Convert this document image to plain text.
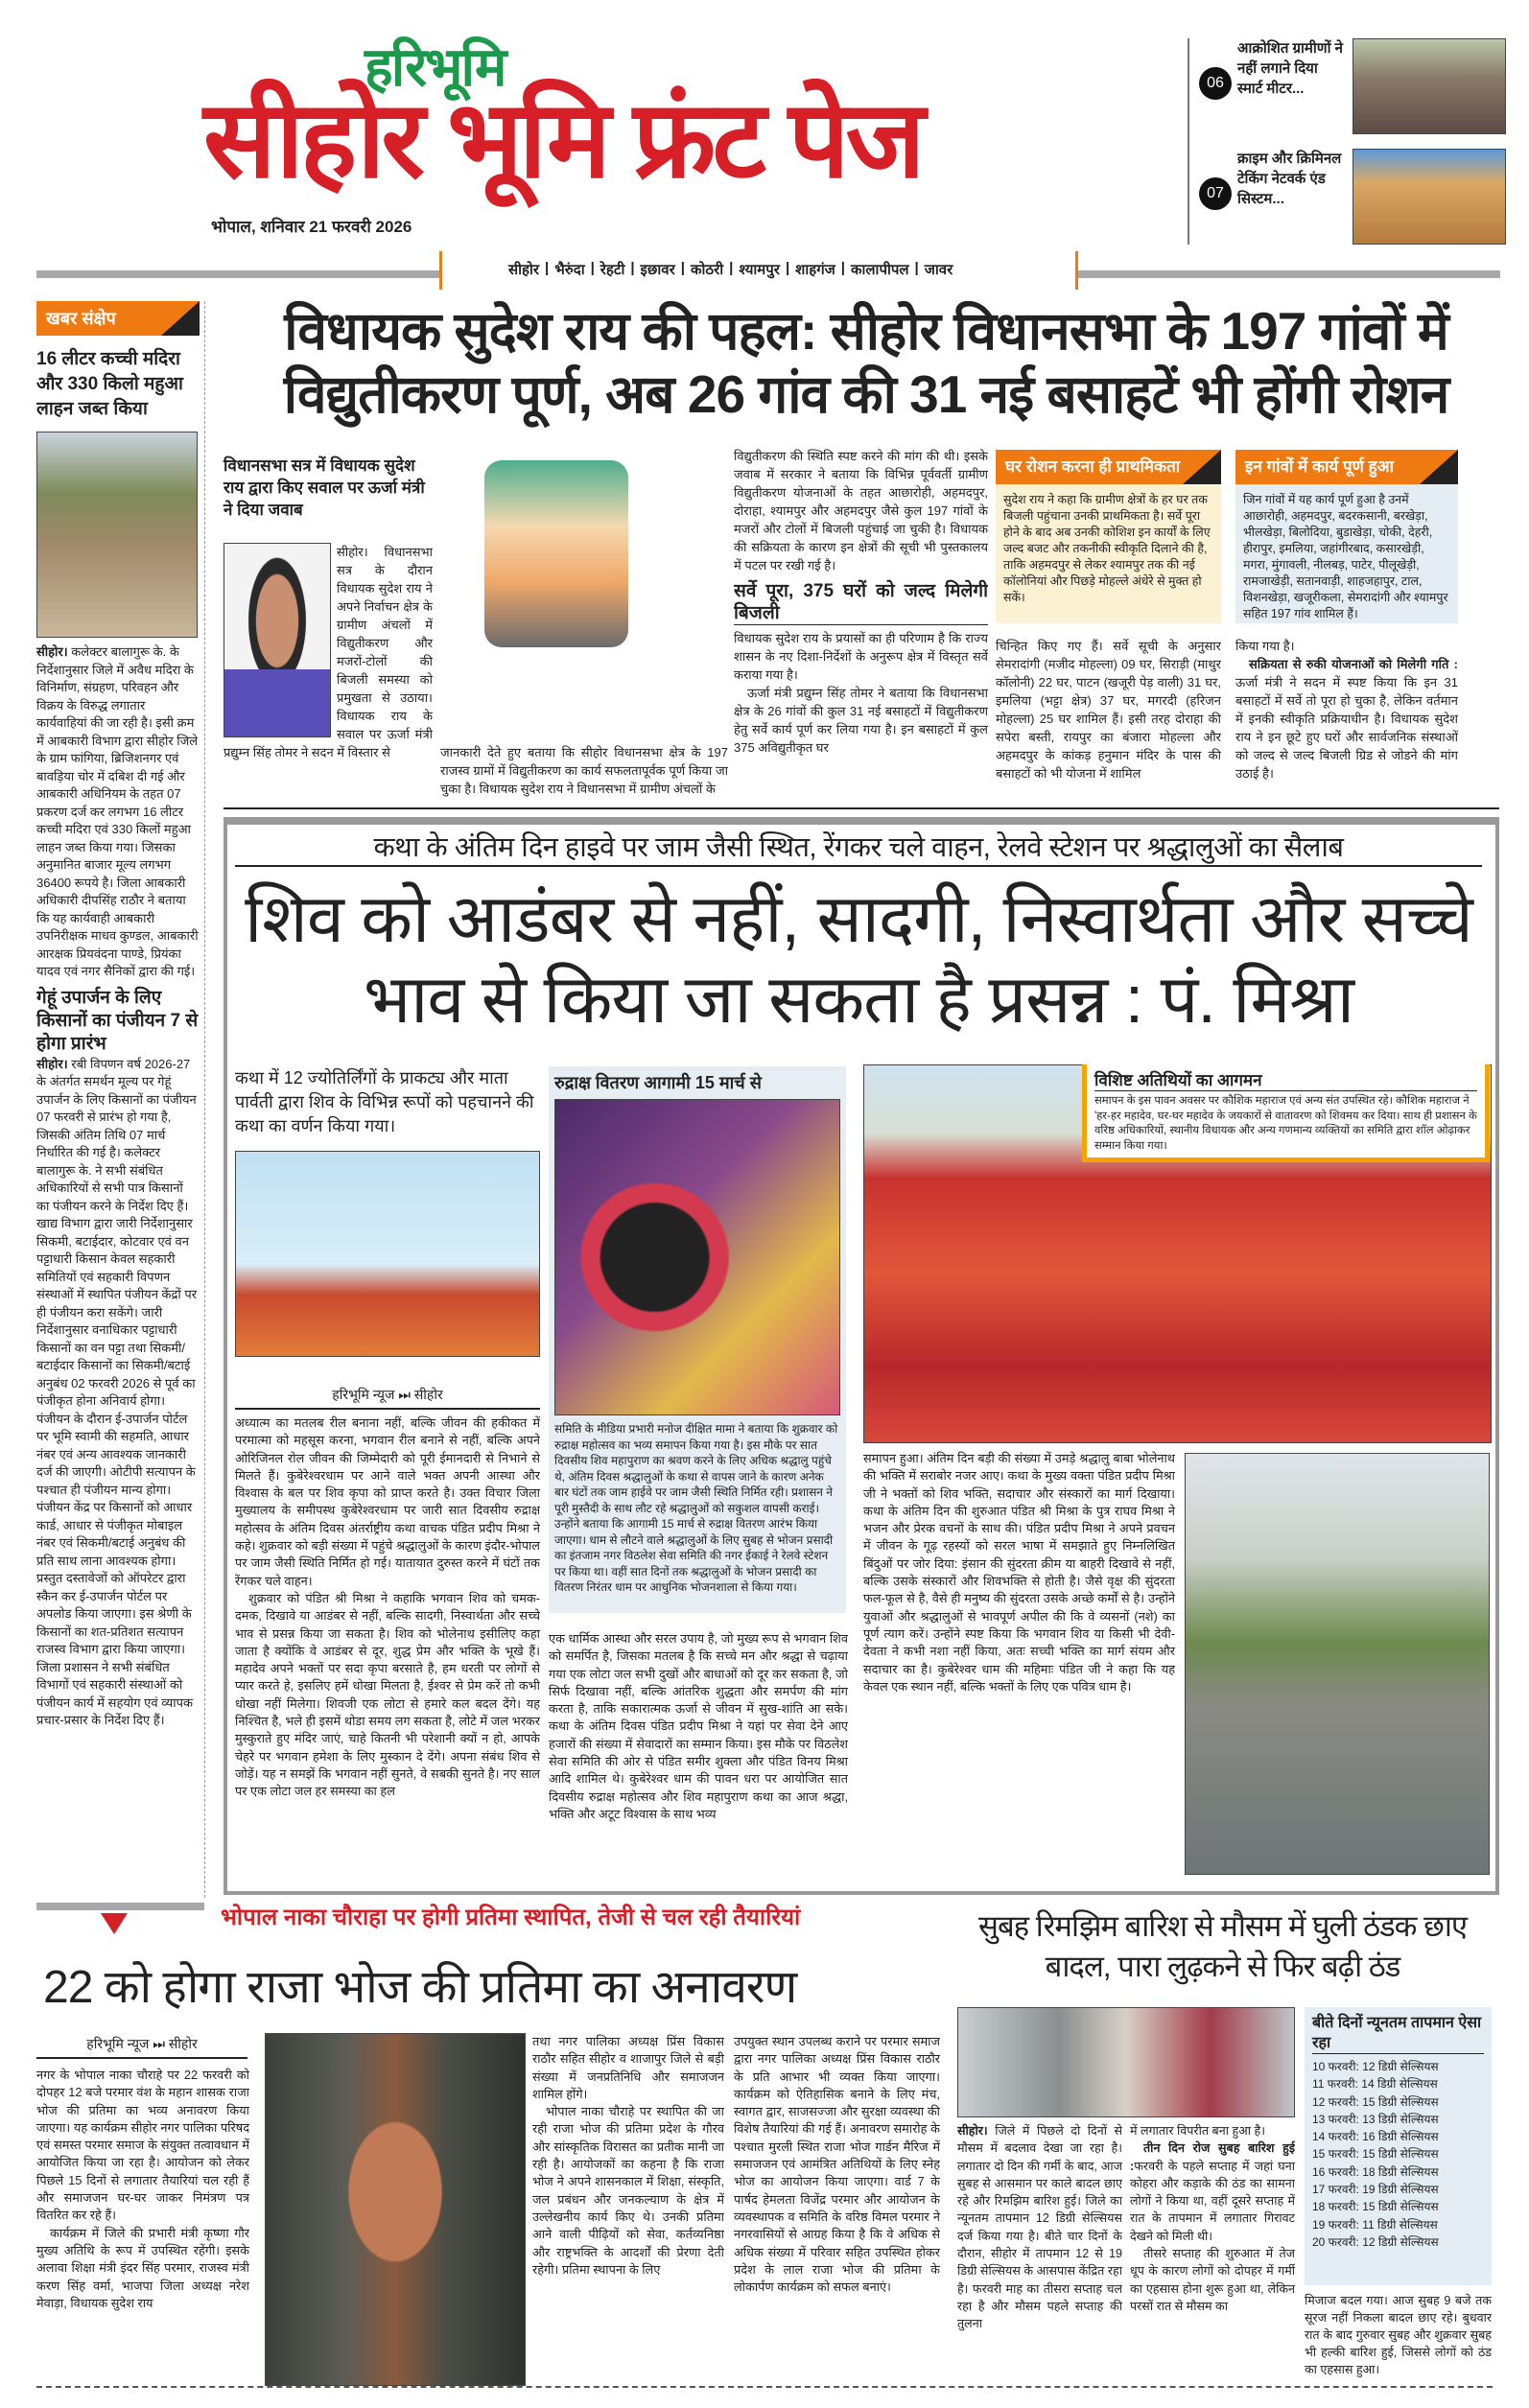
हरिभूमि
सीहोर भूमि फ्रंट पेज
भोपाल, शनिवार 21 फरवरी 2026
06
आक्रोशित ग्रामीणों ने नहीं लगाने दिया स्मार्ट मीटर...
07
क्राइम और क्रिमिनल टेकिंग नेटवर्क एंड सिस्टम...
सीहोर | भैरुंदा | रेहटी | इछावर | कोठरी | श्यामपुर | शाहगंज | कालापीपल | जावर
खबर संक्षेप
16 लीटर कच्ची मदिरा और 330 किलो महुआ लाहन जब्त किया
सीहोर। कलेक्टर बालागुरू के. के निर्देशानुसार जिले में अवैध मदिरा के विनिर्माण, संग्रहण, परिवहन और विक्रय के विरुद्ध लगातार कार्यवाहियां की जा रही है। इसी क्रम में आबकारी विभाग द्वारा सीहोर जिले के ग्राम फांगिया, ब्रिजिशनगर एवं बावड़िया चोर में दबिश दी गई और आबकारी अधिनियम के तहत 07 प्रकरण दर्ज कर लगभग 16 लीटर कच्ची मदिरा एवं 330 किलों महुआ लाहन जब्त किया गया। जिसका अनुमानित बाजार मूल्य लगभग 36400 रूपये है। जिला आबकारी अधिकारी दीपसिंह राठौर ने बताया कि यह कार्यवाही आबकारी उपनिरीक्षक माधव कुण्डल, आबकारी आरक्षक प्रियवंदना पाण्डे, प्रियंका यादव एवं नगर सैनिकों द्वारा की गई।
गेहूं उपार्जन के लिए किसानों का पंजीयन 7 से होगा प्रारंभ
सीहोर। रबी विपणन वर्ष 2026-27 के अंतर्गत समर्थन मूल्य पर गेहूं उपार्जन के लिए किसानों का पंजीयन 07 फरवरी से प्रारंभ हो गया है, जिसकी अंतिम तिथि 07 मार्च निर्धारित की गई है। कलेक्टर बालागुरू के. ने सभी संबंधित अधिकारियों से सभी पात्र किसानों का पंजीयन करने के निर्देश दिए हैं। खाद्य विभाग द्वारा जारी निर्देशानुसार सिकमी, बटाईदार, कोटवार एवं वन पट्टाधारी किसान केवल सहकारी समितियों एवं सहकारी विपणन संस्थाओं में स्थापित पंजीयन केंद्रों पर ही पंजीयन करा सकेंगे। जारी निर्देशानुसार वनाधिकार पट्टाधारी किसानों का वन पट्टा तथा सिकमी/बटाईदार किसानों का सिकमी/बटाई अनुबंध 02 फरवरी 2026 से पूर्व का पंजीकृत होना अनिवार्य होगा। पंजीयन के दौरान ई-उपार्जन पोर्टल पर भूमि स्वामी की सहमति, आधार नंबर एवं अन्य आवश्यक जानकारी दर्ज की जाएगी। ओटीपी सत्यापन के पश्चात ही पंजीयन मान्य होगा। पंजीयन केंद्र पर किसानों को आधार कार्ड, आधार से पंजीकृत मोबाइल नंबर एवं सिकमी/बटाई अनुबंध की प्रति साथ लाना आवश्यक होगा। प्रस्तुत दस्तावेजों को ऑपरेटर द्वारा स्कैन कर ई-उपार्जन पोर्टल पर अपलोड किया जाएगा। इस श्रेणी के किसानों का शत-प्रतिशत सत्यापन राजस्व विभाग द्वारा किया जाएगा। जिला प्रशासन ने सभी संबंधित विभागों एवं सहकारी संस्थाओं को पंजीयन कार्य में सहयोग एवं व्यापक प्रचार-प्रसार के निर्देश दिए हैं।
विधायक सुदेश राय की पहल: सीहोर विधानसभा के 197 गांवों में विद्युतीकरण पूर्ण, अब 26 गांव की 31 नई बसाहटें भी होंगी रोशन
विधानसभा सत्र में विधायक सुदेश राय द्वारा किए सवाल पर ऊर्जा मंत्री ने दिया जवाब
सीहोर। विधानसभा सत्र के दौरान विधायक सुदेश राय ने अपने निर्वाचन क्षेत्र के ग्रामीण अंचलों में विद्युतीकरण और मजरों-टोलों की बिजली समस्या को प्रमुखता से उठाया। विधायक राय के सवाल पर ऊर्जा मंत्री प्रद्युम्न सिंह तोमर ने सदन में विस्तार से	जानकारी देते हुए बताया कि सीहोर विधानसभा क्षेत्र के 197 राजस्व ग्रामों में विद्युतीकरण का कार्य सफलतापूर्वक पूर्ण किया जा चुका है। विधायक सुदेश राय ने विधानसभा में ग्रामीण अंचलों के

विद्युतीकरण की स्थिति स्पष्ट करने की मांग की थी। इसके जवाब में सरकार ने बताया कि विभिन्न पूर्ववर्ती ग्रामीण विद्युतीकरण योजनाओं के तहत आछारोही, अहमदपुर, दोराहा, श्यामपुर और अहमदपुर जैसे कुल 197 गांवों के मजरों और टोलों में बिजली पहुंचाई जा चुकी है। विधायक की सक्रियता के कारण इन क्षेत्रों की सूची भी पुस्तकालय में पटल पर रखी गई है।

सर्वे पूरा, 375 घरों को जल्द मिलेगी बिजली

विधायक सुदेश राय के प्रयासों का ही परिणाम है कि राज्य शासन के नए दिशा-निर्देशों के अनुरूप क्षेत्र में विस्तृत सर्वे कराया गया है।

ऊर्जा मंत्री प्रद्युम्न सिंह तोमर ने बताया कि विधानसभा क्षेत्र के 26 गांवों की कुल 31 नई बसाहटों में विद्युतीकरण हेतु सर्वे कार्य पूर्ण कर लिया गया है। इन बसाहटों में कुल 375 अविद्युतीकृत घर

घर रोशन करना ही प्राथमिकता
सुदेश राय ने कहा कि ग्रामीण क्षेत्रों के हर घर तक बिजली पहुंचाना उनकी प्राथमिकता है। सर्वे पूरा होने के बाद अब उनकी कोशिश इन कार्यों के लिए जल्द बजट और तकनीकी स्वीकृति दिलाने की है, ताकि अहमदपुर से लेकर श्यामपुर तक की नई कॉलोनियां और पिछड़े मोहल्ले अंधेरे से मुक्त हो सकें।
इन गांवों में कार्य पूर्ण हुआ
जिन गांवों में यह कार्य पूर्ण हुआ है उनमें आछारोही, अहमदपुर, बदरकसानी, बरखेड़ा, भीलखेड़ा, बिलोदिया, बुडाखेड़ा, चोकी, देहरी, हीरापुर, इमलिया, जहांगीरबाद, कसारखेड़ी, मगरा, मुंगावली, नीलबड़, पाटेर, पीलूखेड़ी, रामजाखेड़ी, सतानवाड़ी, शाहजहापुर, टाल, विशनखेड़ा, खजूरीकला, सेमरादांगी और श्यामपुर सहित 197 गांव शामिल हैं।
चिन्हित किए गए हैं। सर्वे सूची के अनुसार सेमरादांगी (मजीद मोहल्ला) 09 घर, सिराड़ी (माथुर कॉलोनी) 22 घर, पाटन (खजूरी पेड़ वाली) 31 घर, इमलिया (भट्टा क्षेत्र) 37 घर, मगरदी (हरिजन मोहल्ला) 25 घर शामिल हैं। इसी तरह दोराहा की सपेरा बस्ती, रायपुर का बंजारा मोहल्ला और अहमदपुर के कांकड़ हनुमान मंदिर के पास की बसाहटों को भी योजना में शामिल

किया गया है।

सक्रियता से रुकी योजनाओं को मिलेगी गति : ऊर्जा मंत्री ने सदन में स्पष्ट किया कि इन 31 बसाहटों में सर्वे तो पूरा हो चुका है, लेकिन वर्तमान में इनकी स्वीकृति प्रक्रियाधीन है। विधायक सुदेश राय ने इन छूटे हुए घरों और सार्वजनिक संस्थाओं को जल्द से जल्द बिजली ग्रिड से जोडने की मांग उठाई है।

कथा के अंतिम दिन हाइवे पर जाम जैसी स्थित, रेंगकर चले वाहन, रेलवे स्टेशन पर श्रद्धालुओं का सैलाब
शिव को आडंबर से नहीं, सादगी, निस्वार्थता और सच्चे भाव से किया जा सकता है प्रसन्न : पं. मिश्रा
कथा में 12 ज्योतिर्लिंगों के प्राकट्य और माता पार्वती द्वारा शिव के विभिन्न रूपों को पहचानने की कथा का वर्णन किया गया।
हरिभूमि न्यूज ⏭ सीहोर
रुद्राक्ष वितरण आगामी 15 मार्च से
समिति के मीडिया प्रभारी मनोज दीक्षित मामा ने बताया कि शुक्रवार को रुद्राक्ष महोत्सव का भव्य समापन किया गया है। इस मौके पर सात दिवसीय शिव महापुराण का श्रवण करने के लिए अधिक श्रद्धालु पहुंचे थे, अंतिम दिवस श्रद्धालुओं के कथा से वापस जाने के कारण अनेक बार घंटों तक जाम हाईवे पर जाम जैसी स्थिति निर्मित रही। प्रशासन ने पूरी मुस्तैदी के साथ लौट रहे श्रद्धालुओं को सकुशल वापसी कराई। उन्होंने बताया कि आगामी 15 मार्च से रुद्राक्ष वितरण आरंभ किया जाएगा। धाम से लौटने वाले श्रद्धालुओं के लिए सुबह से भोजन प्रसादी का इंतजाम नगर विठलेश सेवा समिति की नगर ईकाई ने रेलवे स्टेशन पर किया था। वहीं सात दिनों तक श्रद्धालुओं के भोजन प्रसादी का वितरण निरंतर धाम पर आधुनिक भोजनशाला से किया गया।
विशिष्ट अतिथियों का आगमन
समापन के इस पावन अवसर पर कौशिक महाराज एवं अन्य संत उपस्थित रहे। कौशिक महाराज ने 'हर-हर महादेव, घर-घर महादेव के जयकारों से वातावरण को शिवमय कर दिया। साथ ही प्रशासन के वरिष्ठ अधिकारियों, स्थानीय विधायक और अन्य गणमान्य व्यक्तियों का समिति द्वारा शॉल ओढ़ाकर सम्मान किया गया।

अध्यात्म का मतलब रील बनाना नहीं, बल्कि जीवन की हकीकत में परमात्मा को महसूस करना, भगवान रील बनाने से नहीं, बल्कि अपने ओरिजिनल रोल जीवन की जिम्मेदारी को पूरी ईमानदारी से निभाने से मिलते हैं। कुबेरेश्वरधाम पर आने वाले भक्त अपनी आस्था और विश्वास के बल पर शिव कृपा को प्राप्त करते है। उक्त विचार जिला मुख्यालय के समीपस्थ कुबेरेश्वरधाम पर जारी सात दिवसीय रुद्राक्ष महोत्सव के अंतिम दिवस अंतर्राष्ट्रीय कथा वाचक पंडित प्रदीप मिश्रा ने कहे। शुक्रवार को बड़ी संख्या में पहुंचे श्रद्धालुओं के कारण इंदौर-भोपाल पर जाम जैसी स्थिति निर्मित हो गई। यातायात दुरुस्त करने में घंटों तक रेंगकर चले वाहन।

शुक्रवार को पंडित श्री मिश्रा ने कहाकि भगवान शिव को चमक-दमक, दिखावे या आडंबर से नहीं, बल्कि सादगी, निस्वार्थता और सच्चे भाव से प्रसन्न किया जा सकता है। शिव को भोलेनाथ इसीलिए कहा जाता है क्योंकि वे आडंबर से दूर, शुद्ध प्रेम और भक्ति के भूखे हैं। महादेव अपने भक्तों पर सदा कृपा बरसाते है, हम धरती पर लोगों से प्यार करते हे, इसलिए हमें धोखा मिलता है, ईश्वर से प्रेम करें तो कभी धोखा नहीं मिलेगा। शिवजी एक लोटा से हमारे कल बदल देंगे। यह निश्चित है, भले ही इसमें थोडा समय लग सकता है, लोटे में जल भरकर मुस्कुराते हुए मंदिर जाएं, चाहे कितनी भी परेशानी क्यों न हो, आपके चेहरे पर भगवान हमेशा के लिए मुस्कान दे देंगे। अपना संबंध शिव से जोड़ें। यह न समझें कि भगवान नहीं सुनते, वे सबकी सुनते है। नए साल पर एक लोटा जल हर समस्या का हल

एक धार्मिक आस्था और सरल उपाय है, जो मुख्य रूप से भगवान शिव को समर्पित है, जिसका मतलब है कि सच्चे मन और श्रद्धा से चढ़ाया गया एक लोटा जल सभी दुखों और बाधाओं को दूर कर सकता है, जो सिर्फ दिखावा नहीं, बल्कि आंतरिक शुद्धता और समर्पण की मांग करता है, ताकि सकारात्मक ऊर्जा से जीवन में सुख-शांति आ सके। कथा के अंतिम दिवस पंडित प्रदीप मिश्रा ने यहां पर सेवा देने आए हजारों की संख्या में सेवादारों का सम्मान किया। इस मौके पर विठलेश सेवा समिति की ओर से पंडित समीर शुक्ला और पंडित विनय मिश्रा आदि शामिल थे। कुबेरेश्वर धाम की पावन धरा पर आयोजित सात दिवसीय रुद्राक्ष महोत्सव और शिव महापुराण कथा का आज श्रद्धा, भक्ति और अटूट विश्वास के साथ भव्य
समापन हुआ। अंतिम दिन बड़ी की संख्या में उमड़े श्रद्धालु बाबा भोलेनाथ की भक्ति में सराबोर नजर आए। कथा के मुख्य वक्ता पंडित प्रदीप मिश्रा जी ने भक्तों को शिव भक्ति, सदाचार और संस्कारों का मार्ग दिखाया। कथा के अंतिम दिन की शुरुआत पंडित श्री मिश्रा के पुत्र राघव मिश्रा ने भजन और प्रेरक वचनों के साथ की। पंडित प्रदीप मिश्रा ने अपने प्रवचन में जीवन के गूढ़ रहस्यों को सरल भाषा में समझाते हुए निम्नलिखित बिंदुओं पर जोर दिया: इंसान की सुंदरता क्रीम या बाहरी दिखावे से नहीं, बल्कि उसके संस्कारों और शिवभक्ति से होती है। जैसे वृक्ष की सुंदरता फल-फूल से है, वैसे ही मनुष्य की सुंदरता उसके अच्छे कर्मों से है। उन्होंने युवाओं और श्रद्धालुओं से भावपूर्ण अपील की कि वे व्यसनों (नशे) का पूर्ण त्याग करें। उन्होंने स्पष्ट किया कि भगवान शिव या किसी भी देवी-देवता ने कभी नशा नहीं किया, अतः सच्ची भक्ति का मार्ग संयम और सदाचार का है। कुबेरेश्वर धाम की महिमाः पंडित जी ने कहा कि यह केवल एक स्थान नहीं, बल्कि भक्तों के लिए एक पवित्र धाम है।
भोपाल नाका चौराहा पर होगी प्रतिमा स्थापित, तेजी से चल रही तैयारियां
22 को होगा राजा भोज की प्रतिमा का अनावरण
हरिभूमि न्यूज ⏭ सीहोर

नगर के भोपाल नाका चौराहे पर 22 फरवरी को दोपहर 12 बजे परमार वंश के महान शासक राजा भोज की प्रतिमा का भव्य अनावरण किया जाएगा। यह कार्यक्रम सीहोर नगर पालिका परिषद एवं समस्त परमार समाज के संयुक्त तत्वावधान में आयोजित किया जा रहा है। आयोजन को लेकर पिछले 15 दिनों से लगातार तैयारियां चल रही हैं और समाजजन घर-घर जाकर निमंत्रण पत्र वितरित कर रहे हैं।

कार्यक्रम में जिले की प्रभारी मंत्री कृष्णा गौर मुख्य अतिथि के रूप में उपस्थित रहेंगी। इसके अलावा शिक्षा मंत्री इंदर सिंह परमार, राजस्व मंत्री करण सिंह वर्मा, भाजपा जिला अध्यक्ष नरेश मेवाड़ा, विधायक सुदेश राय

तथा नगर पालिका अध्यक्ष प्रिंस विकास राठौर सहित सीहोर व शाजापुर जिले से बड़ी संख्या में जनप्रतिनिधि और समाजजन शामिल होंगे।

भोपाल नाका चौराहे पर स्थापित की जा रही राजा भोज की प्रतिमा प्रदेश के गौरव और सांस्कृतिक विरासत का प्रतीक मानी जा रही है। आयोजकों का कहना है कि राजा भोज ने अपने शासनकाल में शिक्षा, संस्कृति, जल प्रबंधन और जनकल्याण के क्षेत्र में उल्लेखनीय कार्य किए थे। उनकी प्रतिमा आने वाली पीढ़ियों को सेवा, कर्तव्यनिष्ठा और राष्ट्रभक्ति के आदर्शों की प्रेरणा देती रहेगी। प्रतिमा स्थापना के लिए

उपयुक्त स्थान उपलब्ध कराने पर परमार समाज द्वारा नगर पालिका अध्यक्ष प्रिंस विकास राठौर के प्रति आभार भी व्यक्त किया जाएगा। कार्यक्रम को ऐतिहासिक बनाने के लिए मंच, स्वागत द्वार, साजसज्जा और सुरक्षा व्यवस्था की विशेष तैयारियां की गई हैं। अनावरण समारोह के पश्चात मुरली स्थित राजा भोज गार्डन मैरिज में समाजजन एवं आमंत्रित अतिथियों के लिए स्नेह भोज का आयोजन किया जाएगा। वार्ड 7 के पार्षद हेमलता विजेंद्र परमार और आयोजन के व्यवस्थापक व समिति के वरिष्ठ विमल परमार ने नगरवासियों से आग्रह किया है कि वे अधिक से अधिक संख्या में परिवार सहित उपस्थित होकर प्रदेश के लाल राजा भोज की प्रतिमा के लोकार्पण कार्यक्रम को सफल बनाएं।
सुबह रिमझिम बारिश से मौसम में घुली ठंडक छाए बादल, पारा लुढ़कने से फिर बढ़ी ठंड
बीते दिनों न्यूनतम तापमान ऐसा रहा
10 फरवरी: 12 डिग्री सेल्सियस
11 फरवरी: 14 डिग्री सेल्सियस
12 फरवरी: 15 डिग्री सेल्सियस
13 फरवरी: 13 डिग्री सेल्सियस
14 फरवरी: 16 डिग्री सेल्सियस
15 फरवरी: 15 डिग्री सेल्सियस
16 फरवरी: 18 डिग्री सेल्सियस
17 फरवरी: 19 डिग्री सेल्सियस
18 फरवरी: 15 डिग्री सेल्सियस
19 फरवरी: 11 डिग्री सेल्सियस
20 फरवरी: 12 डिग्री सेल्सियस
सीहोर। जिले में पिछले दो दिनों से मौसम में बदलाव देखा जा रहा है। लगातार दो दिन की गर्मी के बाद, आज सुबह से आसमान पर काले बादल छाए रहे और रिमझिम बारिश हुई। जिले का न्यूनतम तापमान 12 डिग्री सेल्सियस दर्ज किया गया है। बीते चार दिनों के दौरान, सीहोर में तापमान 12 से 19 डिग्री सेल्सियस के आसपास केंद्रित रहा है। फरवरी माह का तीसरा सप्ताह चल रहा है और मौसम पहले सप्ताह की तुलना

में लगातार विपरीत बना हुआ है।

तीन दिन रोज सुबह बारिश हुई :फरवरी के पहले सप्ताह में जहां घना कोहरा और कड़ाके की ठंड का सामना लोगों ने किया था, वहीं दूसरे सप्ताह में रात के तापमान में लगातार गिरावट देखने को मिली थी।

तीसरे सप्ताह की शुरुआत में तेज धूप के कारण लोगों को दोपहर में गर्मी का एहसास होना शुरू हुआ था, लेकिन परसों रात से मौसम का	मिजाज बदल गया। आज सुबह 9 बजे तक सूरज नहीं निकला बादल छाए रहे। बुधवार रात के बाद गुरुवार सुबह और शुक्रवार सुबह भी हल्की बारिश हुई, जिससे लोगों को ठंड का एहसास हुआ।
